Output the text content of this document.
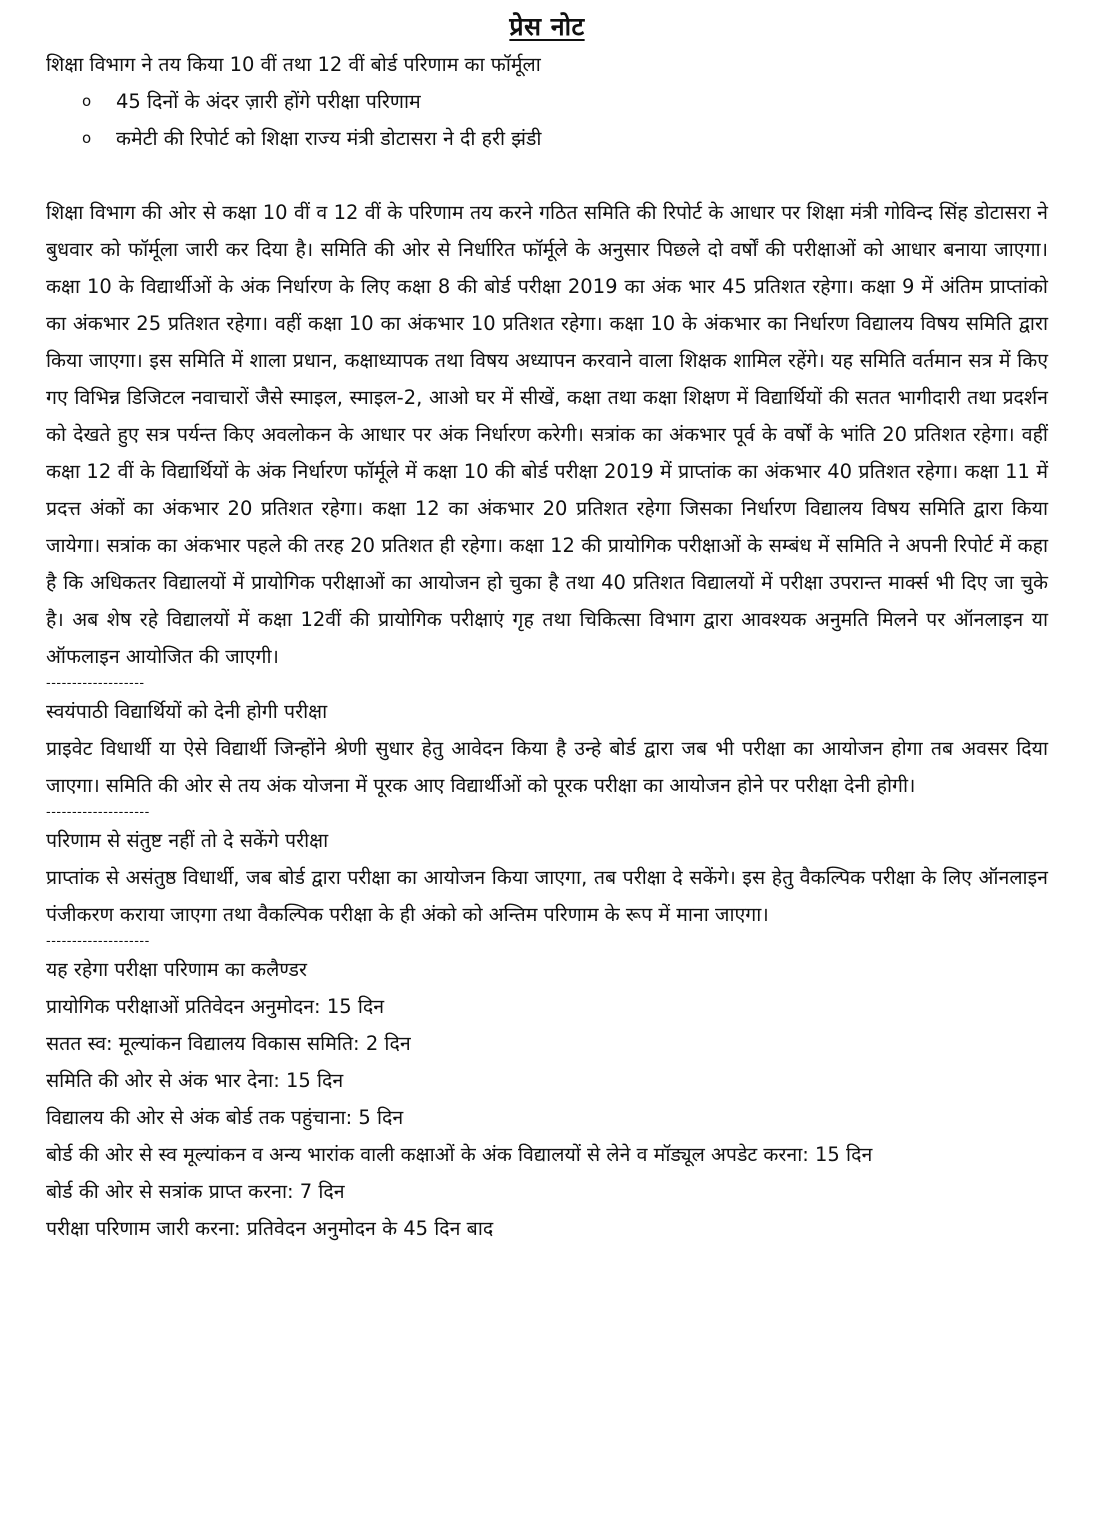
प्रेस नोट
शिक्षा विभाग ने तय किया 10 वीं तथा 12 वीं बोर्ड परिणाम का फॉर्मूला
o 45 दिनों के अंदर ज़ारी होंगे परीक्षा परिणाम
o कमेटी की रिपोर्ट को शिक्षा राज्य मंत्री डोटासरा ने दी हरी झंडी

शिक्षा विभाग की ओर से कक्षा 10 वीं व 12 वीं के परिणाम तय करने गठित समिति की रिपोर्ट के आधार पर शिक्षा मंत्री गोविन्द सिंह डोटासरा ने बुधवार को फॉर्मूला जारी कर दिया है। समिति की ओर से निर्धारित फॉर्मूले के अनुसार पिछले दो वर्षों की परीक्षाओं को आधार बनाया जाएगा। कक्षा 10 के विद्यार्थीओं के अंक निर्धारण के लिए कक्षा 8 की बोर्ड परीक्षा 2019 का अंक भार 45 प्रतिशत रहेगा। कक्षा 9 में अंतिम प्राप्तांको का अंकभार 25 प्रतिशत रहेगा। वहीं कक्षा 10 का अंकभार 10 प्रतिशत रहेगा। कक्षा 10 के अंकभार का निर्धारण विद्यालय विषय समिति द्वारा किया जाएगा। इस समिति में शाला प्रधान, कक्षाध्यापक तथा विषय अध्यापन करवाने वाला शिक्षक शामिल रहेंगे। यह समिति वर्तमान सत्र में किए गए विभिन्न डिजिटल नवाचारों जैसे स्माइल, स्माइल-2, आओ घर में सीखें, कक्षा तथा कक्षा शिक्षण में विद्यार्थियों की सतत भागीदारी तथा प्रदर्शन को देखते हुए सत्र पर्यन्त किए अवलोकन के आधार पर अंक निर्धारण करेगी। सत्रांक का अंकभार पूर्व के वर्षों के भांति 20 प्रतिशत रहेगा। वहीं कक्षा 12 वीं के विद्यार्थियों के अंक निर्धारण फॉर्मूले में कक्षा 10 की बोर्ड परीक्षा 2019 में प्राप्तांक का अंकभार 40 प्रतिशत रहेगा। कक्षा 11 में प्रदत्त अंकों का अंकभार 20 प्रतिशत रहेगा। कक्षा 12 का अंकभार 20 प्रतिशत रहेगा जिसका निर्धारण विद्यालय विषय समिति द्वारा किया जायेगा। सत्रांक का अंकभार पहले की तरह 20 प्रतिशत ही रहेगा। कक्षा 12 की प्रायोगिक परीक्षाओं के सम्बंध में समिति ने अपनी रिपोर्ट में कहा है कि अधिकतर विद्यालयों में प्रायोगिक परीक्षाओं का आयोजन हो चुका है तथा 40 प्रतिशत विद्यालयों में परीक्षा उपरान्त मार्क्स भी दिए जा चुके है। अब शेष रहे विद्यालयों में कक्षा 12वीं की प्रायोगिक परीक्षाएं गृह तथा चिकित्सा विभाग द्वारा आवश्यक अनुमति मिलने पर ऑनलाइन या ऑफलाइन आयोजित की जाएगी।

-------------------
स्वयंपाठी विद्यार्थियों को देनी होगी परीक्षा

प्राइवेट विधार्थी या ऐसे विद्यार्थी जिन्होंने श्रेणी सुधार हेतु आवेदन किया है उन्हे बोर्ड द्वारा जब भी परीक्षा का आयोजन होगा तब अवसर दिया जाएगा। समिति की ओर से तय अंक योजना में पूरक आए विद्यार्थीओं को पूरक परीक्षा का आयोजन होने पर परीक्षा देनी होगी।

--------------------
परिणाम से संतुष्ट नहीं तो दे सकेंगे परीक्षा

प्राप्तांक से असंतुष्ठ विधार्थी, जब बोर्ड द्वारा परीक्षा का आयोजन किया जाएगा, तब परीक्षा दे सकेंगे। इस हेतु वैकल्पिक परीक्षा के लिए ऑनलाइन पंजीकरण कराया जाएगा तथा वैकल्पिक परीक्षा के ही अंको को अन्तिम परिणाम के रूप में माना जाएगा।

--------------------
यह रहेगा परीक्षा परिणाम का कलैण्डर
प्रायोगिक परीक्षाओं प्रतिवेदन अनुमोदन: 15 दिन
सतत स्व: मूल्यांकन विद्यालय विकास समिति: 2 दिन
समिति की ओर से अंक भार देना: 15 दिन
विद्यालय की ओर से अंक बोर्ड तक पहुंचाना: 5 दिन
बोर्ड की ओर से स्व मूल्यांकन व अन्य भारांक वाली कक्षाओं के अंक विद्यालयों से लेने व मॉड्यूल अपडेट करना: 15 दिन
बोर्ड की ओर से सत्रांक प्राप्त करना: 7 दिन
परीक्षा परिणाम जारी करना: प्रतिवेदन अनुमोदन के 45 दिन बाद
